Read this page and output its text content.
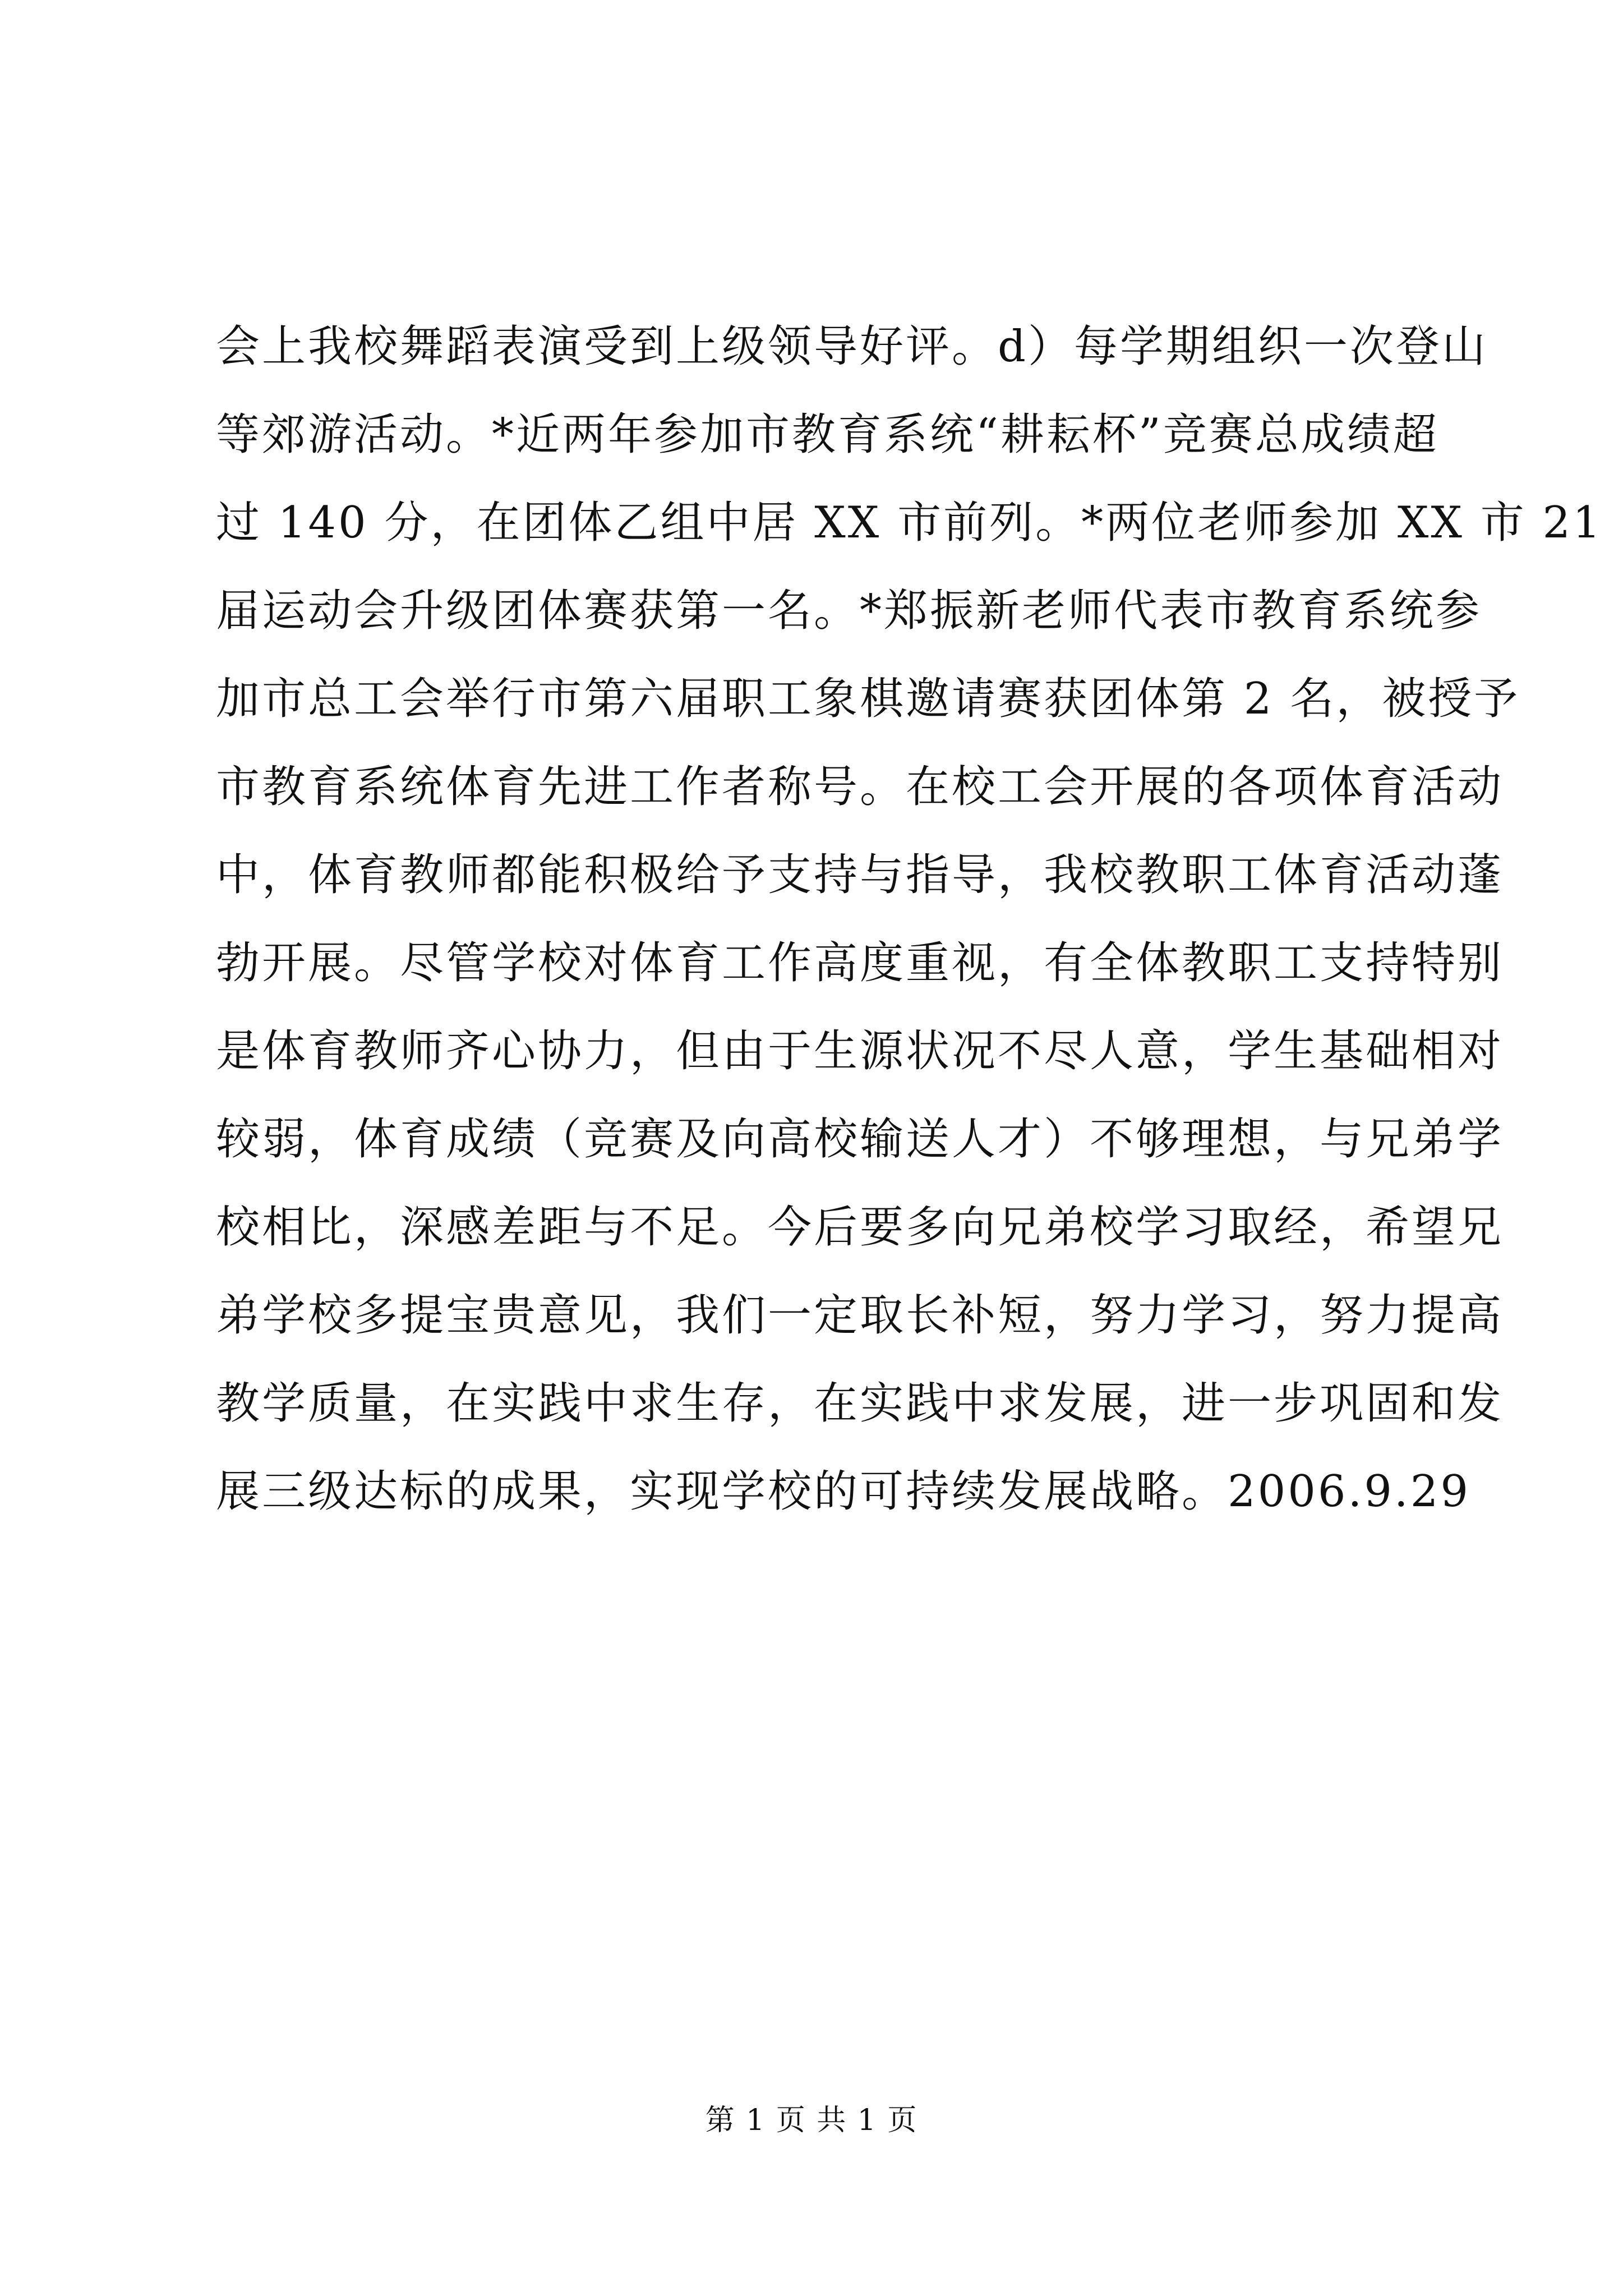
会上我校舞蹈表演受到上级领导好评。d）每学期组织一次登山
等郊游活动。*近两年参加市教育系统“耕耘杯”竞赛总成绩超
过 140 分，在团体乙组中居 XX 市前列。*两位老师参加 XX 市 21
届运动会升级团体赛获第一名。*郑振新老师代表市教育系统参
加市总工会举行市第六届职工象棋邀请赛获团体第 2 名，被授予
市教育系统体育先进工作者称号。在校工会开展的各项体育活动
中，体育教师都能积极给予支持与指导，我校教职工体育活动蓬
勃开展。尽管学校对体育工作高度重视，有全体教职工支持特别
是体育教师齐心协力，但由于生源状况不尽人意，学生基础相对
较弱，体育成绩（竞赛及向高校输送人才）不够理想，与兄弟学
校相比，深感差距与不足。今后要多向兄弟校学习取经，希望兄
弟学校多提宝贵意见，我们一定取长补短，努力学习，努力提高
教学质量，在实践中求生存，在实践中求发展，进一步巩固和发
展三级达标的成果，实现学校的可持续发展战略。2006.9.29
第 1 页 共 1 页
